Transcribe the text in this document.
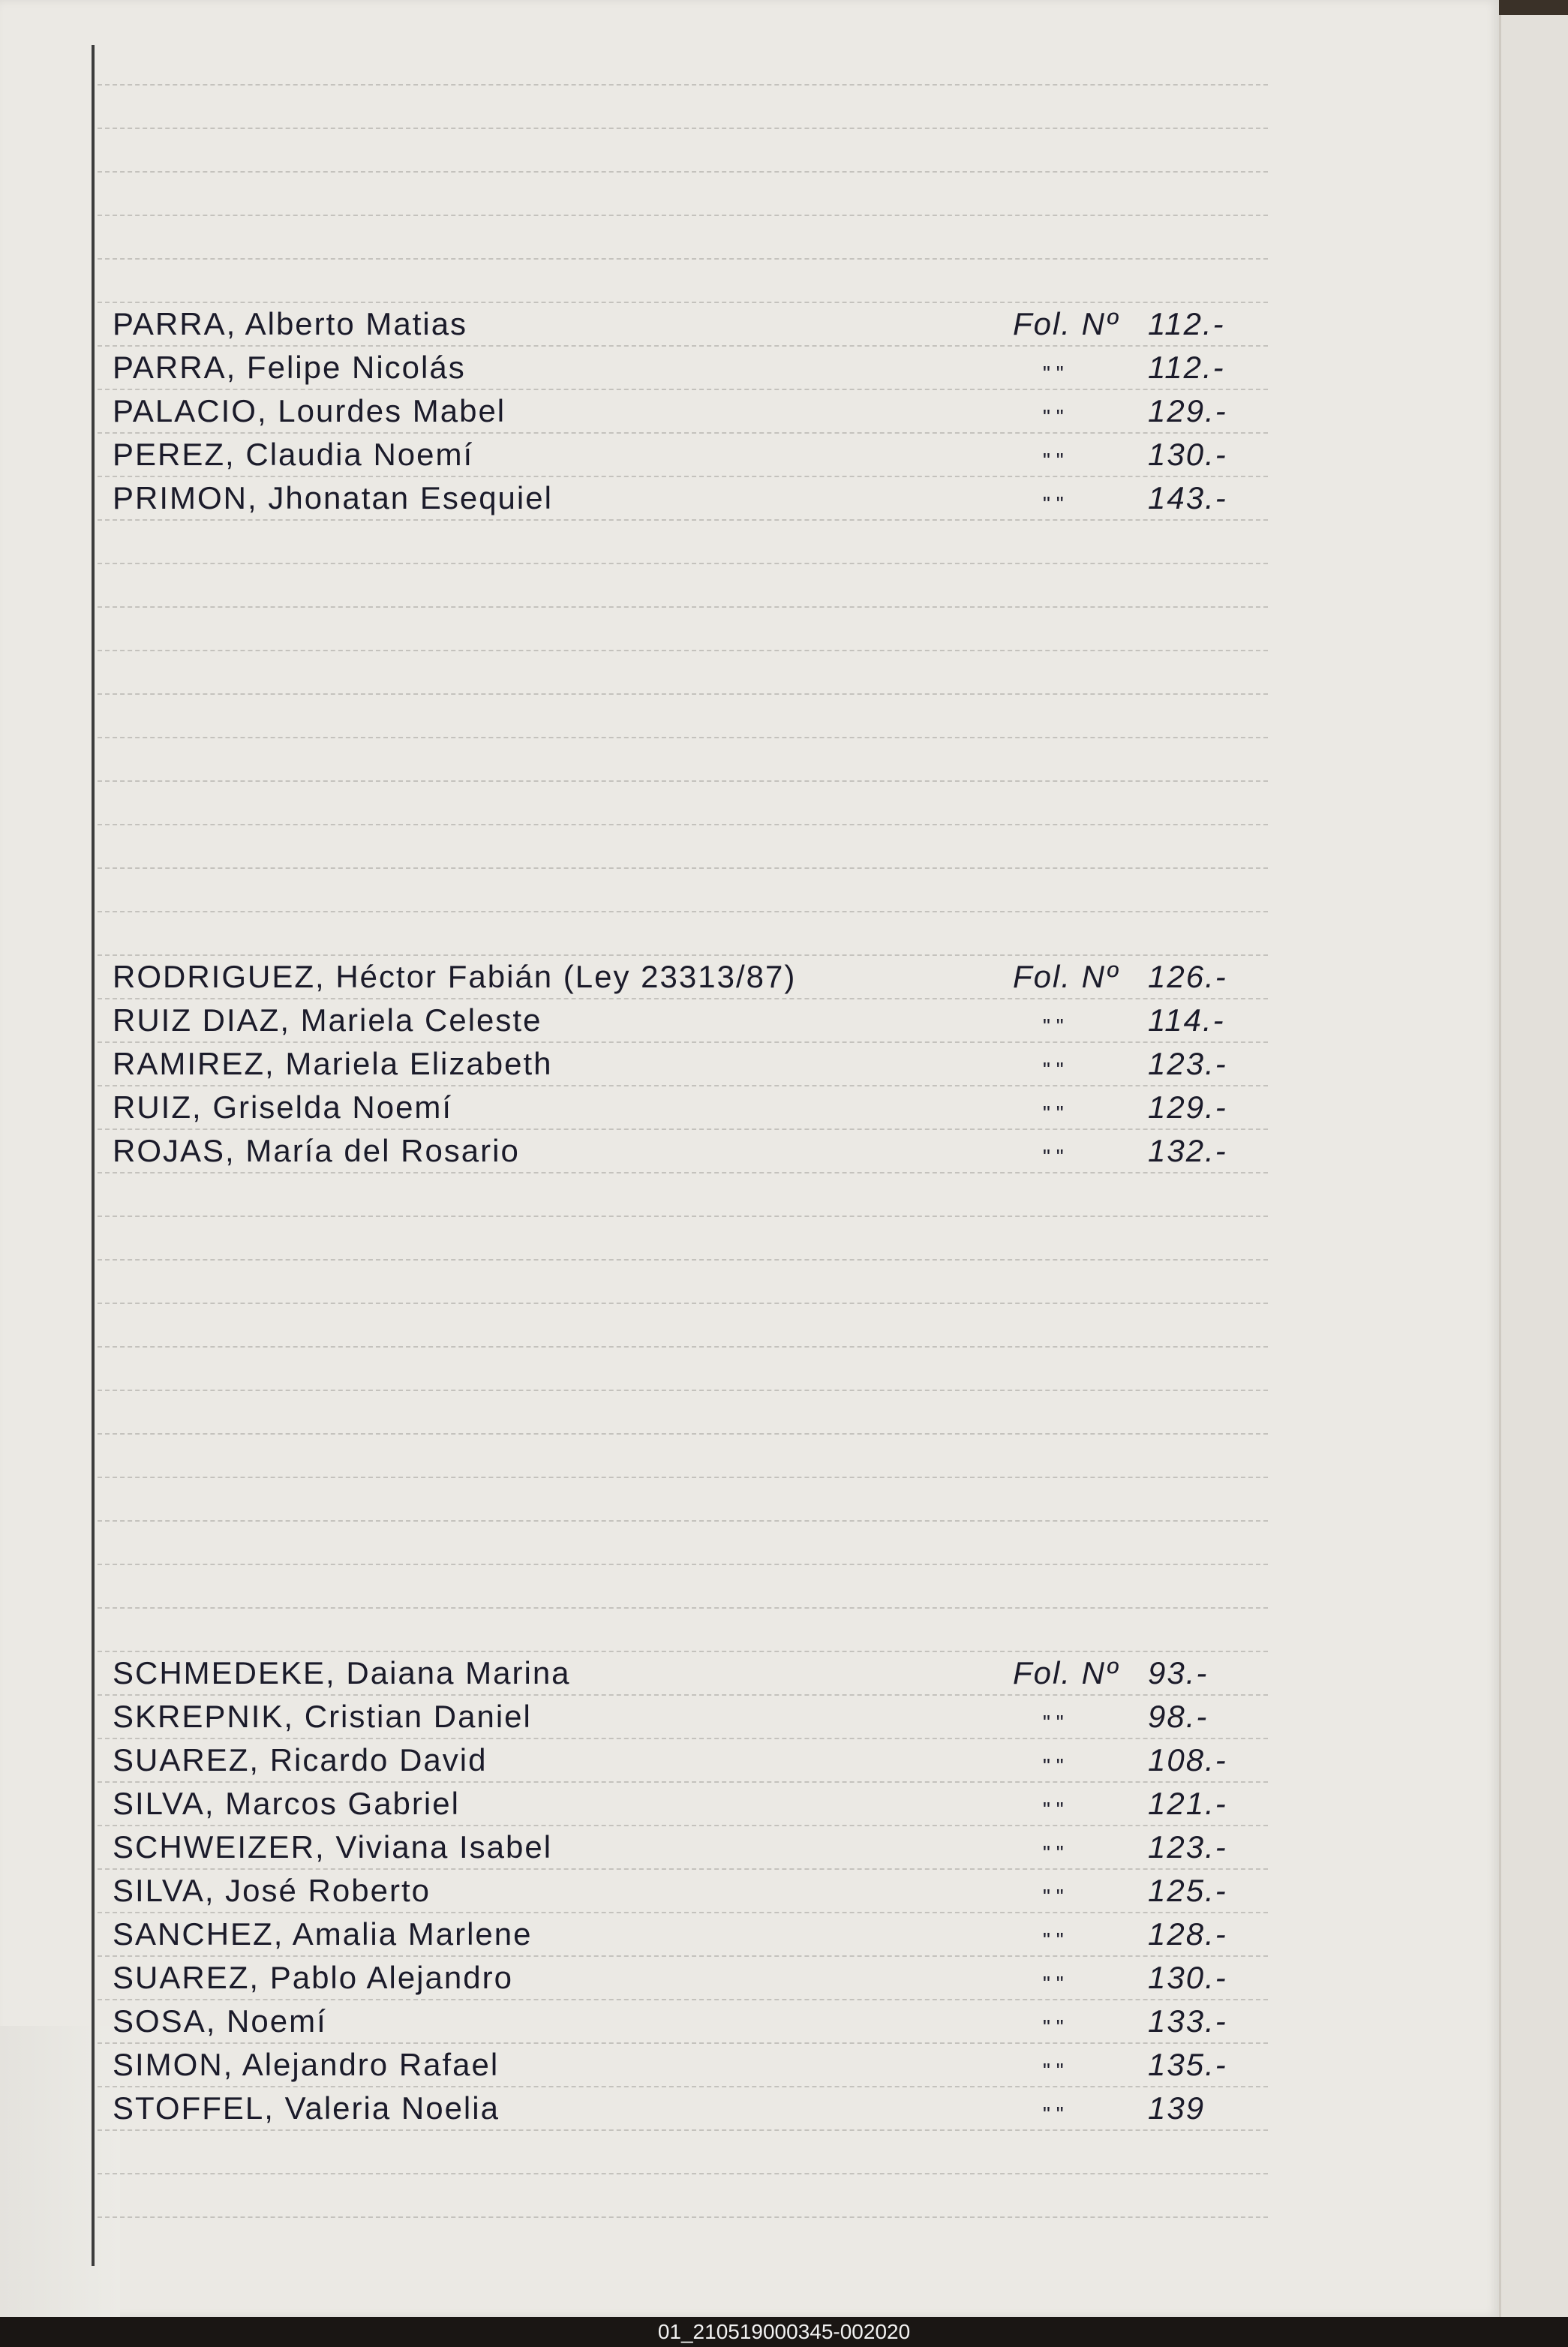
PARRA, Alberto Matias	Fol. Nº 112.-
PARRA, Felipe Nicolás	" "	112.-
PALACIO, Lourdes Mabel	" "	129.-
PEREZ, Claudia Noemí	" "	130.-
PRIMON, Jhonatan Esequiel	" "	143.-
RODRIGUEZ, Héctor Fabián (Ley 23313/87)	Fol. Nº 126.-
RUIZ DIAZ, Mariela Celeste	" "	114.-
RAMIREZ, Mariela Elizabeth	" "	123.-
RUIZ, Griselda Noemí	" "	129.-
ROJAS, María del Rosario	" "	132.-
SCHMEDEKE, Daiana Marina	Fol. Nº 93.-
SKREPNIK, Cristian Daniel	" "	98.-
SUAREZ, Ricardo David	" "	108.-
SILVA, Marcos Gabriel	" "	121.-
SCHWEIZER, Viviana Isabel	" "	123.-
SILVA, José Roberto	" "	125.-
SANCHEZ, Amalia Marlene	" "	128.-
SUAREZ, Pablo Alejandro	" "	130.-
SOSA, Noemí	" "	133.-
SIMON, Alejandro Rafael	" "	135.-
STOFFEL, Valeria Noelia	" "	139
01_210519000345-002020
